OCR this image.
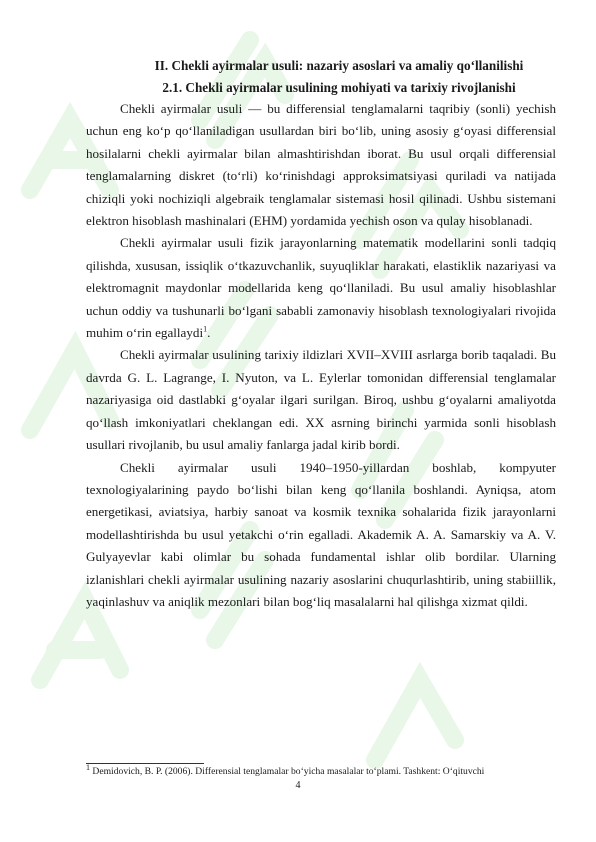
II. Chekli ayirmalar usuli: nazariy asoslari va amaliy qo‘llanilishi

2.1. Chekli ayirmalar usulining mohiyati va tarixiy rivojlanishi

Chekli ayirmalar usuli — bu differensial tenglamalarni taqribiy (sonli) yechish uchun eng ko‘p qo‘llaniladigan usullardan biri bo‘lib, uning asosiy g‘oyasi differensial hosilalarni chekli ayirmalar bilan almashtirishdan iborat. Bu usul orqali differensial tenglamalarning diskret (to‘rli) ko‘rinishdagi approksimatsiyasi quriladi va natijada chiziqli yoki nochiziqli algebraik tenglamalar sistemasi hosil qilinadi. Ushbu sistemani elektron hisoblash mashinalari (EHM) yordamida yechish oson va qulay hisoblanadi.

Chekli ayirmalar usuli fizik jarayonlarning matematik modellarini sonli tadqiq qilishda, xususan, issiqlik o‘tkazuvchanlik, suyuqliklar harakati, elastiklik nazariyasi va elektromagnit maydonlar modellarida keng qo‘llaniladi. Bu usul amaliy hisoblashlar uchun oddiy va tushunarli bo‘lgani sababli zamonaviy hisoblash texnologiyalari rivojida muhim o‘rin egallaydi$^1$.

Chekli ayirmalar usulining tarixiy ildizlari XVII–XVIII asrlarga borib taqaladi. Bu davrda G. L. Lagrange, I. Nyuton, va L. Eylerlar tomonidan differensial tenglamalar nazariyasiga oid dastlabki g‘oyalar ilgari surilgan. Biroq, ushbu g‘oyalarni amaliyotda qo‘llash imkoniyatlari cheklangan edi. XX asrning birinchi yarmida sonli hisoblash usullari rivojlanib, bu usul amaliy fanlarga jadal kirib bordi.

Chekli ayirmalar usuli 1940–1950-yillardan boshlab, kompyuter texnologiyalarining paydo bo‘lishi bilan keng qo‘llanila boshlandi. Ayniqsa, atom energetikasi, aviatsiya, harbiy sanoat va kosmik texnika sohalarida fizik jarayonlarni modellashtirishda bu usul yetakchi o‘rin egalladi. Akademik A. A. Samarskiy va A. V. Gulyayevlar kabi olimlar bu sohada fundamental ishlar olib bordilar. Ularning izlanishlari chekli ayirmalar usulining nazariy asoslarini chuqurlashtirib, uning stabiillik, yaqinlashuv va aniqlik mezonlari bilan bog‘liq masalalarni hal qilishga xizmat qildi.

$^1$ Demidovich, B. P. (2006). Differensial tenglamalar bo‘yicha masalalar to‘plami. Tashkent: O‘qituvchi
4
